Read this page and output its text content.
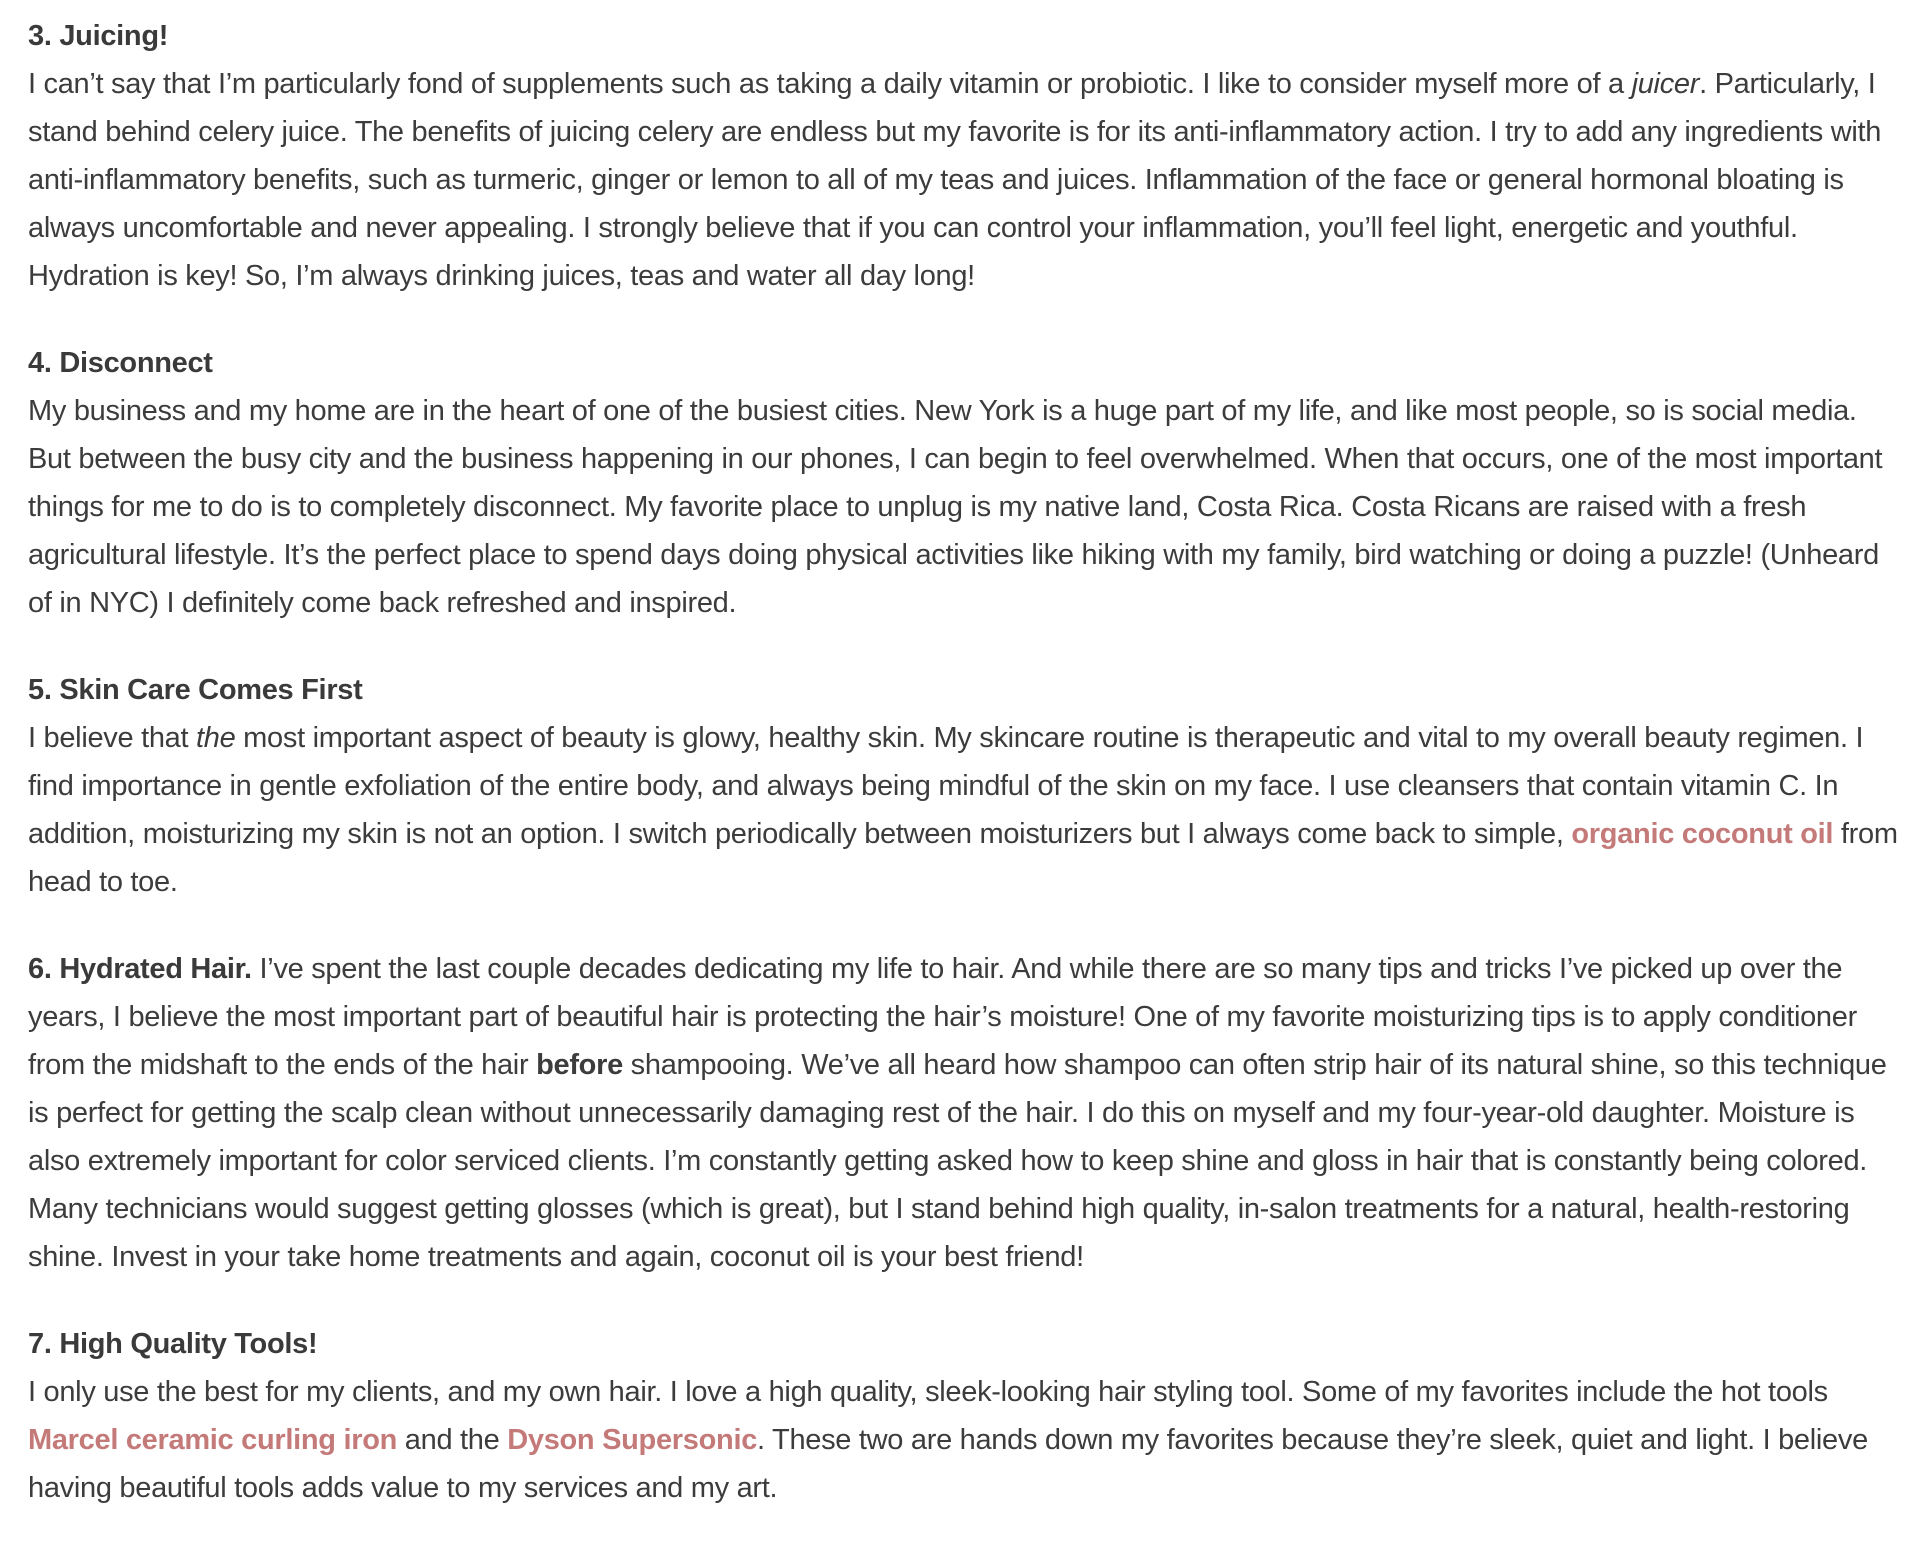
3. Juicing!
I can’t say that I’m particularly fond of supplements such as taking a daily vitamin or probiotic. I like to consider myself more of a juicer. Particularly, I stand behind celery juice. The benefits of juicing celery are endless but my favorite is for its anti-inflammatory action. I try to add any ingredients with anti-inflammatory benefits, such as turmeric, ginger or lemon to all of my teas and juices. Inflammation of the face or general hormonal bloating is always uncomfortable and never appealing. I strongly believe that if you can control your inflammation, you’ll feel light, energetic and youthful. Hydration is key! So, I’m always drinking juices, teas and water all day long!
4. Disconnect
My business and my home are in the heart of one of the busiest cities. New York is a huge part of my life, and like most people, so is social media. But between the busy city and the business happening in our phones, I can begin to feel overwhelmed. When that occurs, one of the most important things for me to do is to completely disconnect. My favorite place to unplug is my native land, Costa Rica. Costa Ricans are raised with a fresh agricultural lifestyle. It’s the perfect place to spend days doing physical activities like hiking with my family, bird watching or doing a puzzle! (Unheard of in NYC) I definitely come back refreshed and inspired.
5. Skin Care Comes First
I believe that the most important aspect of beauty is glowy, healthy skin. My skincare routine is therapeutic and vital to my overall beauty regimen. I find importance in gentle exfoliation of the entire body, and always being mindful of the skin on my face. I use cleansers that contain vitamin C. In addition, moisturizing my skin is not an option. I switch periodically between moisturizers but I always come back to simple, organic coconut oil from head to toe.
6. Hydrated Hair. I’ve spent the last couple decades dedicating my life to hair. And while there are so many tips and tricks I’ve picked up over the years, I believe the most important part of beautiful hair is protecting the hair’s moisture! One of my favorite moisturizing tips is to apply conditioner from the midshaft to the ends of the hair before shampooing. We’ve all heard how shampoo can often strip hair of its natural shine, so this technique is perfect for getting the scalp clean without unnecessarily damaging rest of the hair. I do this on myself and my four-year-old daughter. Moisture is also extremely important for color serviced clients. I’m constantly getting asked how to keep shine and gloss in hair that is constantly being colored. Many technicians would suggest getting glosses (which is great), but I stand behind high quality, in-salon treatments for a natural, health-restoring shine. Invest in your take home treatments and again, coconut oil is your best friend!
7. High Quality Tools!
I only use the best for my clients, and my own hair. I love a high quality, sleek-looking hair styling tool. Some of my favorites include the hot tools Marcel ceramic curling iron and the Dyson Supersonic. These two are hands down my favorites because they’re sleek, quiet and light. I believe having beautiful tools adds value to my services and my art.
